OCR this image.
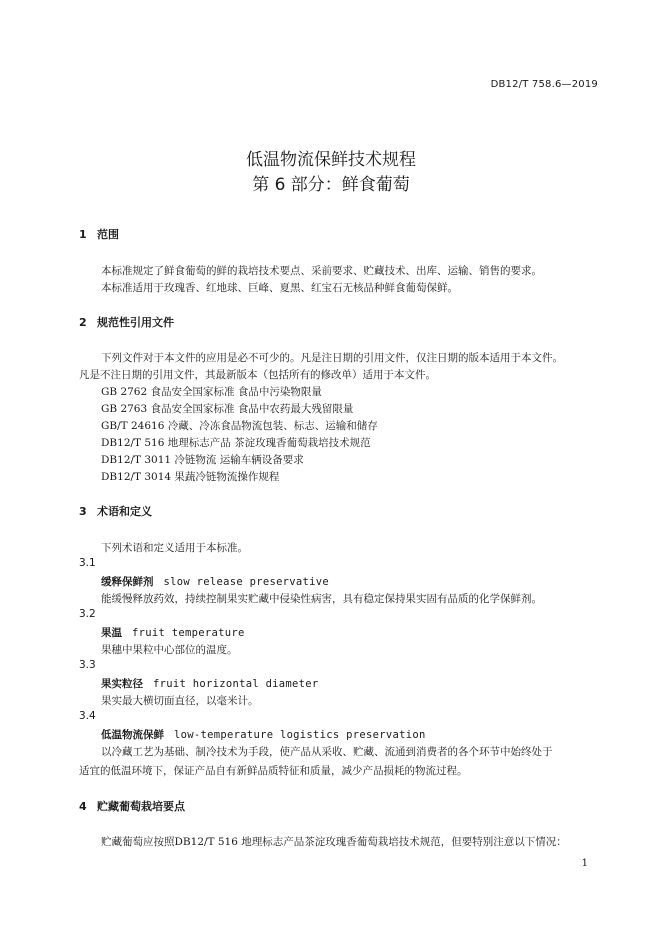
DB12/T 758.6—2019
低温物流保鲜技术规程
第 6 部分：鲜食葡萄
1 范围
本标准规定了鲜食葡萄的鲜的栽培技术要点、采前要求、贮藏技术、出库、运输、销售的要求。
本标准适用于玫瑰香、红地球、巨峰、夏黑、红宝石无核品种鲜食葡萄保鲜。
2 规范性引用文件
下列文件对于本文件的应用是必不可少的。凡是注日期的引用文件，仅注日期的版本适用于本文件。
凡是不注日期的引用文件，其最新版本（包括所有的修改单）适用于本文件。
GB 2762 食品安全国家标准 食品中污染物限量
GB 2763 食品安全国家标准 食品中农药最大残留限量
GB/T 24616 冷藏、冷冻食品物流包装、标志、运输和储存
DB12/T 516 地理标志产品 茶淀玫瑰香葡萄栽培技术规范
DB12/T 3011 冷链物流 运输车辆设备要求
DB12/T 3014 果蔬冷链物流操作规程
3 术语和定义
下列术语和定义适用于本标准。
3.1
缓释保鲜剂 slow release preservative
能缓慢释放药效，持续控制果实贮藏中侵染性病害，具有稳定保持果实固有品质的化学保鲜剂。
3.2
果温 fruit temperature
果穗中果粒中心部位的温度。
3.3
果实粒径 fruit horizontal diameter
果实最大横切面直径，以毫米计。
3.4
低温物流保鲜 low-temperature logistics preservation
以冷藏工艺为基础、制冷技术为手段，使产品从采收、贮藏、流通到消费者的各个环节中始终处于
适宜的低温环境下，保证产品自有新鲜品质特征和质量，减少产品损耗的物流过程。
4 贮藏葡萄栽培要点
贮藏葡萄应按照DB12/T 516 地理标志产品茶淀玫瑰香葡萄栽培技术规范，但要特别注意以下情况：
1
